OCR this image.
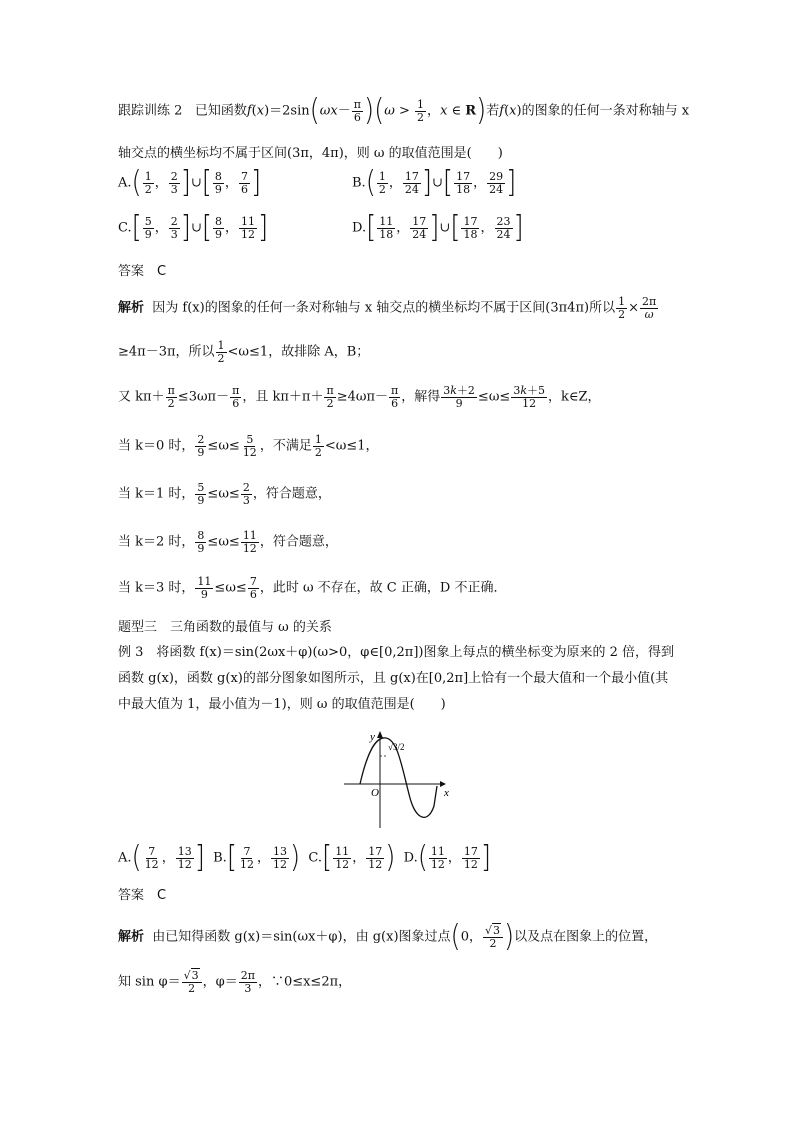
跟踪训练 2 已知函数$f(x)=2\sin(\omega x- \frac{\pi}{6} )(\omega > \frac{1}{2}$ ，x ∈ R)若f(x)的图象的任何一条对称轴与 x
轴交点的横坐标均不属于区间(3π，4π)，则 ω 的取值范围是(　　)
$A.( \frac{1}{2}$ ， $\frac{2}{3}$ ]∪[ $\frac{8}{9}$ ， $\frac{7}{6}$ ]	$B.( \frac{1}{2}$ ， $\frac{17}{24}$ ]∪[ $\frac{17}{18}$ ， $\frac{29}{24}$ ]
$C.[ \frac{5}{9}$ ， $\frac{2}{3}$ ]∪[ $\frac{8}{9}$ ， $\frac{11}{12}$ ]	$D.[ \frac{11}{18}$ ， $\frac{17}{24}$ ]∪[ $\frac{17}{18}$ ， $\frac{23}{24}$ ]
答案　C
解析 因为 f(x)的图象的任何一条对称轴与 x 轴交点的横坐标均不属于区间(3π4π)所以 $\frac{1}{2} \times \frac{2\pi}{\omega}$
≥4π－3π，所以 $\frac{1}{2} <\omega\le 1$，故排除 A，B；
又 $k\pi+ \frac{\pi}{2} \le 3\omega\pi- \frac{\pi}{6}$ ，且 $k\pi+\pi+ \frac{\pi}{2} \ge 4\omega\pi- \frac{\pi}{6}$ ，解得 $\frac{3k+2}{9} \le\omega\le \frac{3k+5}{12}$ ，k∈Z，
当 k＝0 时， $\frac{2}{9} \le\omega\le \frac{5}{12}$ ，不满足 $\frac{1}{2} <\omega\le 1$，
当 k＝1 时， $\frac{5}{9} \le\omega\le \frac{2}{3}$ ，符合题意，
当 k＝2 时， $\frac{8}{9} \le\omega\le \frac{11}{12}$ ，符合题意，
当 k＝3 时， $\frac{11}{9} \le\omega\le \frac{7}{6}$ ，此时 ω 不存在，故 C 正确，D 不正确．
题型三　三角函数的最值与 ω 的关系
例 3　将函数 f(x)＝sin(2ωx＋φ)(ω>0，φ∈[0,2π])图象上每点的横坐标变为原来的 2 倍，得到
函数 g(x)，函数 g(x)的部分图象如图所示，且 g(x)在[0,2π]上恰有一个最大值和一个最小值(其
中最大值为 1，最小值为－1)，则 ω 的取值范围是(　　)
y
x
O
√3/2
$A.( \frac{7}{12}$ ， $\frac{13}{12}$ ] $B.[ \frac{7}{12}$ ， $\frac{13}{12}$ ) $C.[ \frac{11}{12}$ ， $\frac{17}{12}$ ) $D.( \frac{11}{12}$ ， $\frac{17}{12}$ ]
答案　C
解析 由已知得函数 g(x)＝sin(ωx＋φ)，由 g(x)图象过点(0， $\frac{√3}{2}$ )以及点在图象上的位置，
知 $\sin \varphi= \frac{√3}{2}$ ，$\varphi= \frac{2\pi}{3}$ ，∵0≤x≤2π，
